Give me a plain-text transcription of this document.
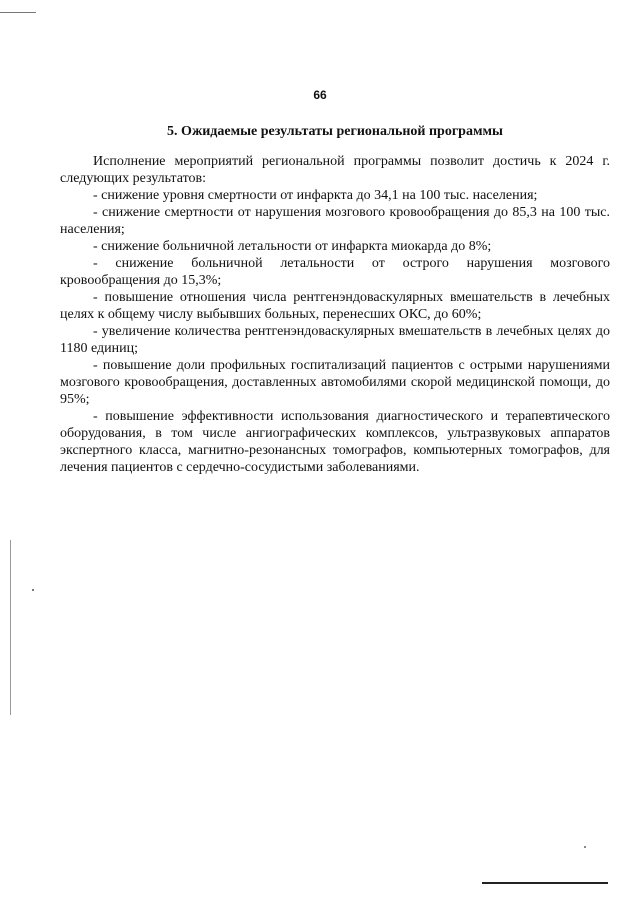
66
5. Ожидаемые результаты региональной программы

Исполнение мероприятий региональной программы позволит достичь к 2024 г. следующих результатов:

- снижение уровня смертности от инфаркта до 34,1 на 100 тыс. населения;

- снижение смертности от нарушения мозгового кровообращения до 85,3 на 100 тыс. населения;

- снижение больничной летальности от инфаркта миокарда до 8%;

- снижение больничной летальности от острого нарушения мозгового кровообращения до 15,3%;

- повышение отношения числа рентгенэндоваскулярных вмешательств в лечебных целях к общему числу выбывших больных, перенесших ОКС, до 60%;

- увеличение количества рентгенэндоваскулярных вмешательств в лечебных целях до 1180 единиц;

- повышение доли профильных госпитализаций пациентов с острыми нарушениями мозгового кровообращения, доставленных автомобилями скорой медицинской помощи, до 95%;

- повышение эффективности использования диагностического и терапевтического оборудования, в том числе ангиографических комплексов, ультразвуковых аппаратов экспертного класса, магнитно-резонансных томографов, компьютерных томографов, для лечения пациентов с сердечно-сосудистыми заболеваниями.
